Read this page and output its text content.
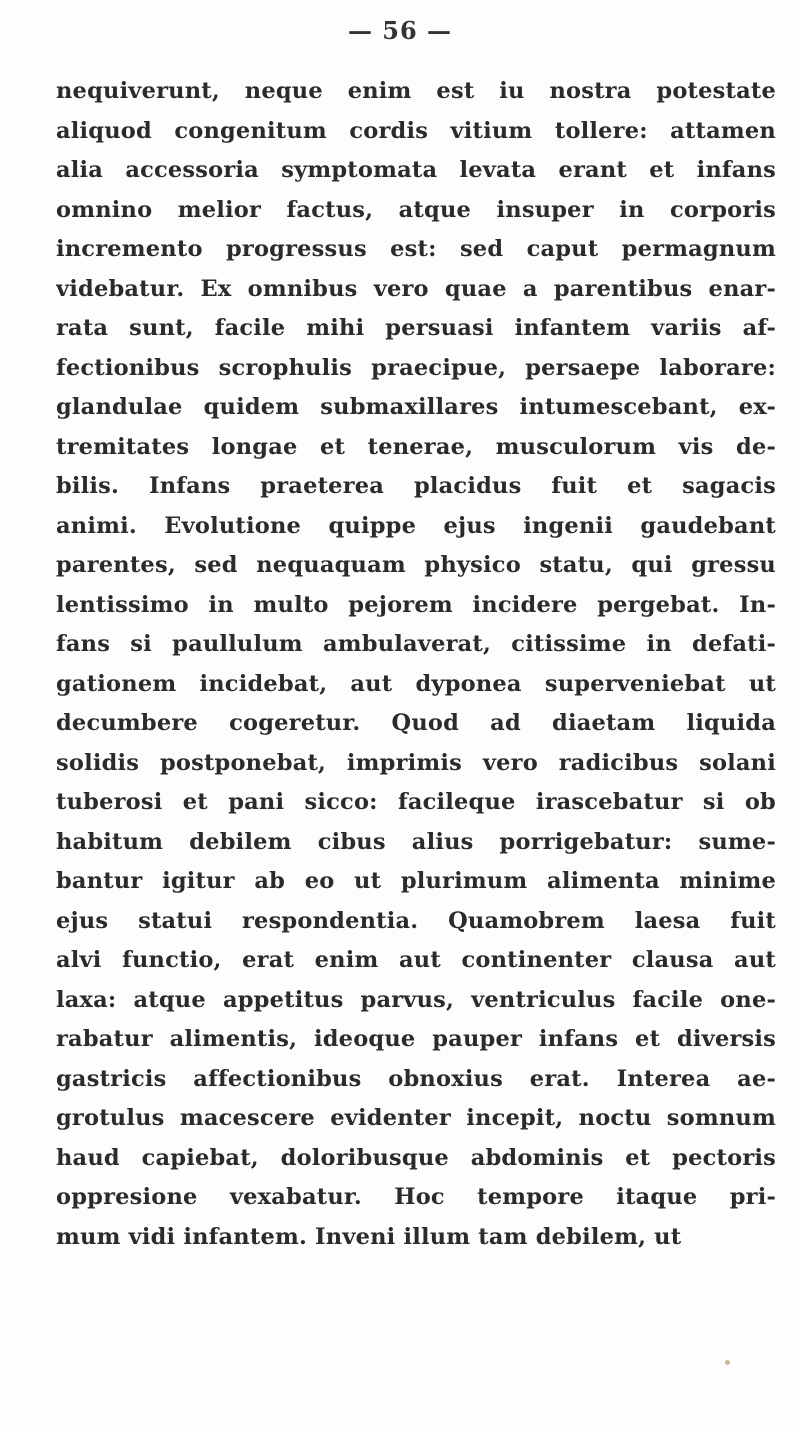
— 56 —
nequiverunt, neque enim est iu nostra potestate
aliquod congenitum cordis vitium tollere: attamen
alia accessoria symptomata levata erant et infans
omnino melior factus, atque insuper in corporis
incremento progressus est: sed caput permagnum
videbatur. Ex omnibus vero quae a parentibus enar-
rata sunt, facile mihi persuasi infantem variis af-
fectionibus scrophulis praecipue, persaepe laborare:
glandulae quidem submaxillares intumescebant, ex-
tremitates longae et tenerae, musculorum vis de-
bilis. Infans praeterea placidus fuit et sagacis
animi. Evolutione quippe ejus ingenii gaudebant
parentes, sed nequaquam physico statu, qui gressu
lentissimo in multo pejorem incidere pergebat. In-
fans si paullulum ambulaverat, citissime in defati-
gationem incidebat, aut dyponea superveniebat ut
decumbere cogeretur. Quod ad diaetam liquida
solidis postponebat, imprimis vero radicibus solani
tuberosi et pani sicco: facileque irascebatur si ob
habitum debilem cibus alius porrigebatur: sume-
bantur igitur ab eo ut plurimum alimenta minime
ejus statui respondentia. Quamobrem laesa fuit
alvi functio, erat enim aut continenter clausa aut
laxa: atque appetitus parvus, ventriculus facile one-
rabatur alimentis, ideoque pauper infans et diversis
gastricis affectionibus obnoxius erat. Interea ae-
grotulus macescere evidenter incepit, noctu somnum
haud capiebat, doloribusque abdominis et pectoris
oppresione vexabatur. Hoc tempore itaque pri-
mum vidi infantem. Inveni illum tam debilem, ut
